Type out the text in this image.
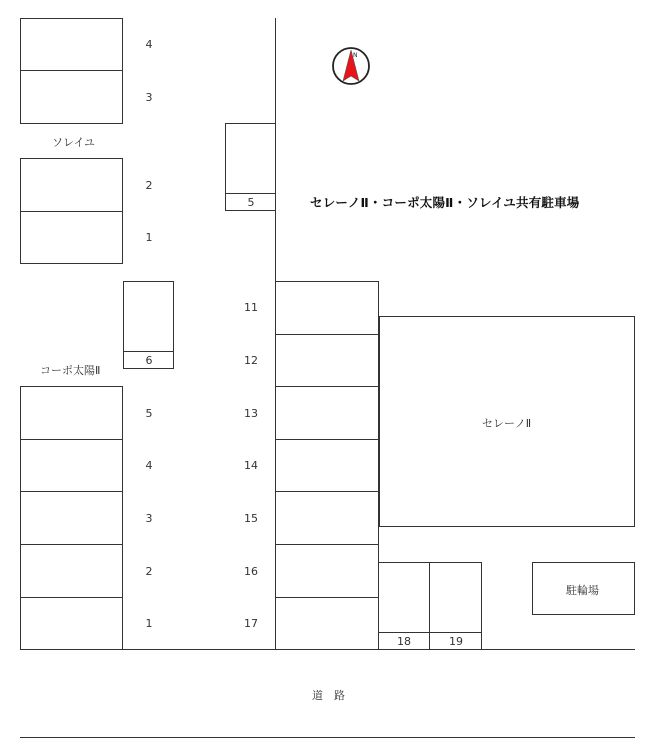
N
セレーノⅡ・コーポ太陽Ⅱ・ソレイユ共有駐車場
4
3
ソレイユ
2
1
5
6
コーポ太陽Ⅱ
5
4
3
2
1
11
12
13
14
15
16
17
セレーノⅡ
18	19
駐輪場
道　路
